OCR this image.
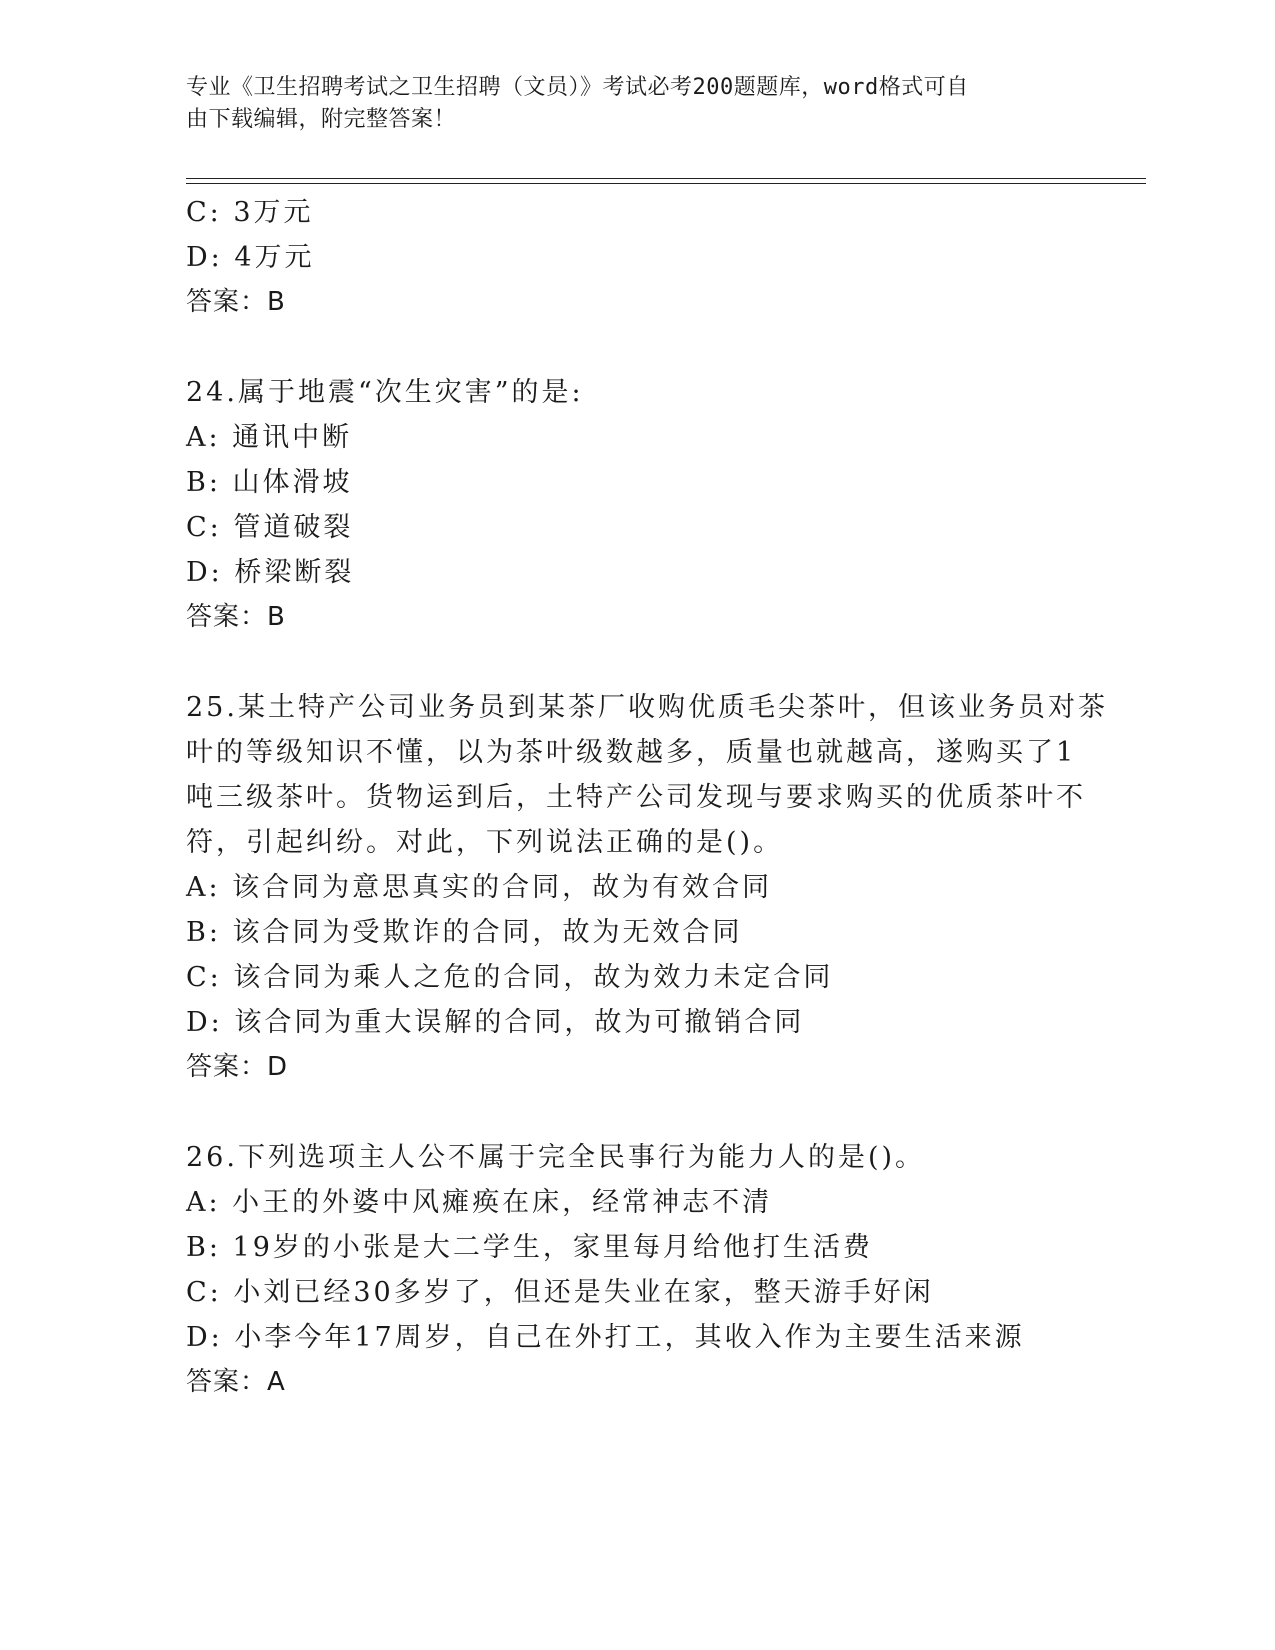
专业《卫生招聘考试之卫生招聘（文员）》考试必考200题题库，word格式可自
由下载编辑，附完整答案！
C: 3万元
D: 4万元
答案：B
24.属于地震“次生灾害”的是:
A: 通讯中断
B: 山体滑坡
C: 管道破裂
D: 桥梁断裂
答案：B
25.某土特产公司业务员到某茶厂收购优质毛尖茶叶，但该业务员对茶
叶的等级知识不懂，以为茶叶级数越多，质量也就越高，遂购买了1
吨三级茶叶。货物运到后，土特产公司发现与要求购买的优质茶叶不
符，引起纠纷。对此，下列说法正确的是()。
A: 该合同为意思真实的合同，故为有效合同
B: 该合同为受欺诈的合同，故为无效合同
C: 该合同为乘人之危的合同，故为效力未定合同
D: 该合同为重大误解的合同，故为可撤销合同
答案：D
26.下列选项主人公不属于完全民事行为能力人的是()。
A: 小王的外婆中风瘫痪在床，经常神志不清
B: 19岁的小张是大二学生，家里每月给他打生活费
C: 小刘已经30多岁了，但还是失业在家，整天游手好闲
D: 小李今年17周岁，自己在外打工，其收入作为主要生活来源
答案：A
